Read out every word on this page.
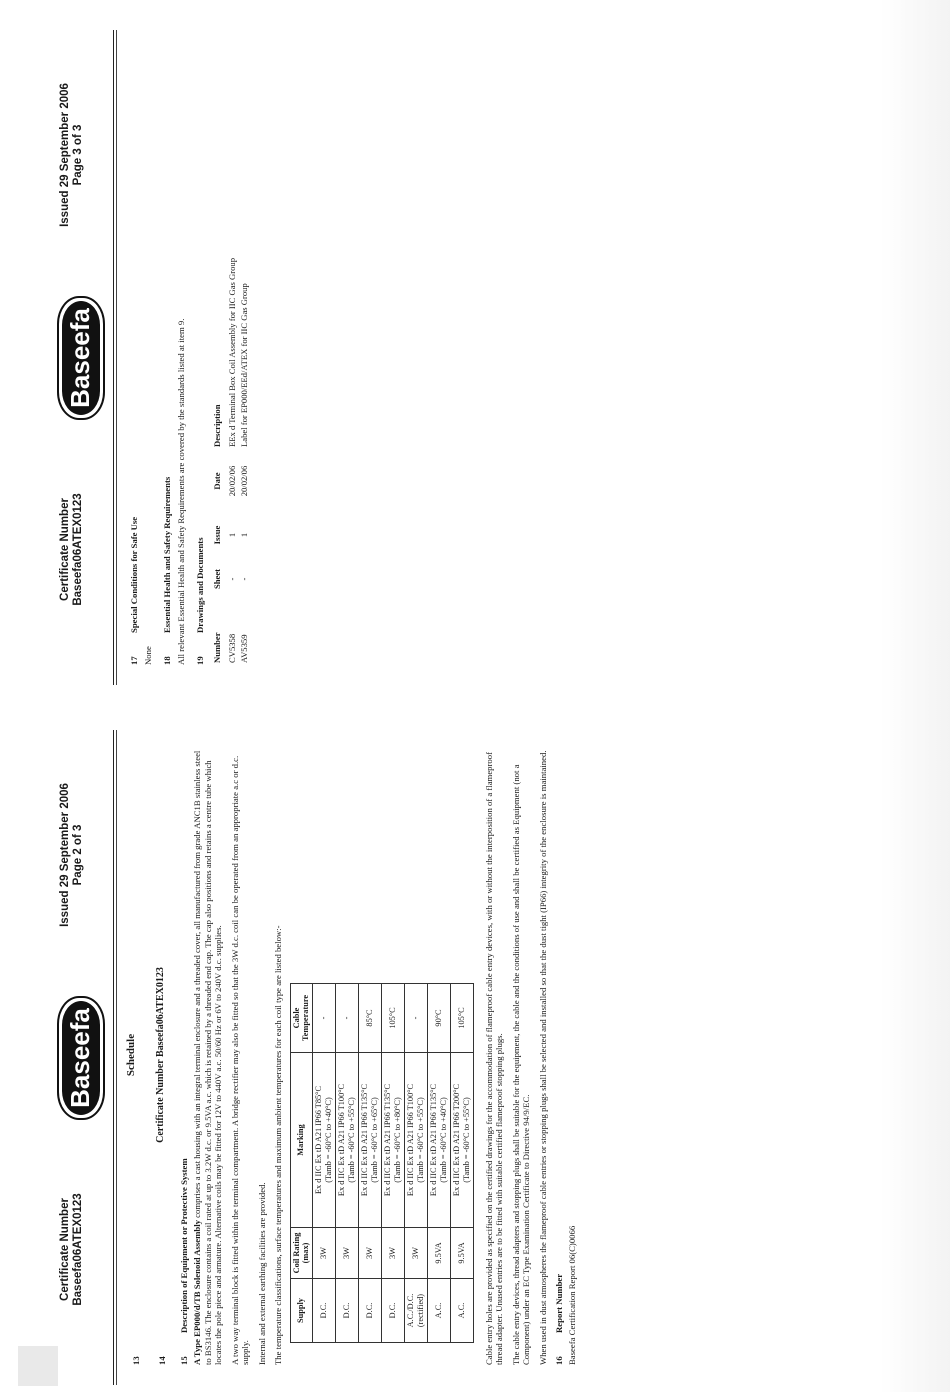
Certificate Number Baseefa06ATEX0123
Baseefa
Issued 29 September 2006 Page 2 of 3
13
Schedule
14
Certificate Number Baseefa06ATEX0123
15Description of Equipment or Protective System A Type EP000/d/TB Solenoid Assembly comprises a cast housing with an integral terminal enclosure and a threaded cover, all manufactured from grade ANC1B stainless steel to BS3146. The enclosure contains a coil rated at up to 3.2W d.c. or 9.5VA a.c. which is retained by a threaded end cap. The cap also positions and retains a centre tube which locates the pole piece and armature. Alternative coils may be fitted for 12V to 440V a.c. 50/60 Hz or 6V to 240V d.c. supplies. A two way terminal block is fitted within the terminal compartment. A bridge rectifier may also be fitted so that the 3W d.c. coil can be operated from an appropriate a.c or d.c. supply. Internal and external earthing facilities are provided. The temperature classifications, surface temperatures and maximum ambient temperatures for each coil type are listed below:- Supply	Coil Rating (max)	Marking	Cable Temperature
D.C.	3W	Ex d IIC Ex tD A21 IP66 T85°C (Tamb = -60°C to +40°C)	-
D.C.	3W	Ex d IIC Ex tD A21 IP66 T100°C (Tamb = -60°C to +55°C)	-
D.C.	3W	Ex d IIC Ex tD A21 IP66 T135°C (Tamb = -60°C to +65°C)	85°C
D.C.	3W	Ex d IIC Ex tD A21 IP66 T135°C (Tamb = -60°C to +80°C)	105°C
A.C./D.C. (rectified)	3W	Ex d IIC Ex tD A21 IP66 T100°C (Tamb = -60°C to +55°C)	-
A.C.	9.5VA	Ex d IIC Ex tD A21 IP66 T135°C (Tamb = -60°C to +40°C)	90°C
A.C.	9.5VA	Ex d IIC Ex tD A21 IP66 T200°C (Tamb = -60°C to +55°C)	105°C Cable entry holes are provided as specified on the certified drawings for the accommodation of flameproof cable entry devices, with or without the interposition of a flameproof thread adapter. Unused entries are to be fitted with suitable certified flameproof stopping plugs. The cable entry devices, thread adapters and stopping plugs shall be suitable for the equipment, the cable and the conditions of use and shall be certified as Equipment (not a Component) under an EC Type Examination Certificate to Directive 94/9/EC. When used in dust atmospheres the flameproof cable entries or stopping plugs shall be selected and installed so that the dust tight (IP66) integrity of the enclosure is maintained. 16Report Number Baseefa Certification Report 06(C)0066

Certificate Number Baseefa06ATEX0123
Baseefa
Issued 29 September 2006 Page 3 of 3
17Special Conditions for Safe Use

None 18Essential Health and Safety Requirements All relevant Essential Health and Safety Requirements are covered by the standards listed at item 9. 19Drawings and Documents
Number	Sheet	Issue	Date	Description
CV5358	-	1	20/02/06	EEx d Terminal Box Coil Assembly for IIC Gas Group
AV5359	-	1	20/02/06	Label for EP000/EEd/ATEX for IIC Gas Group
